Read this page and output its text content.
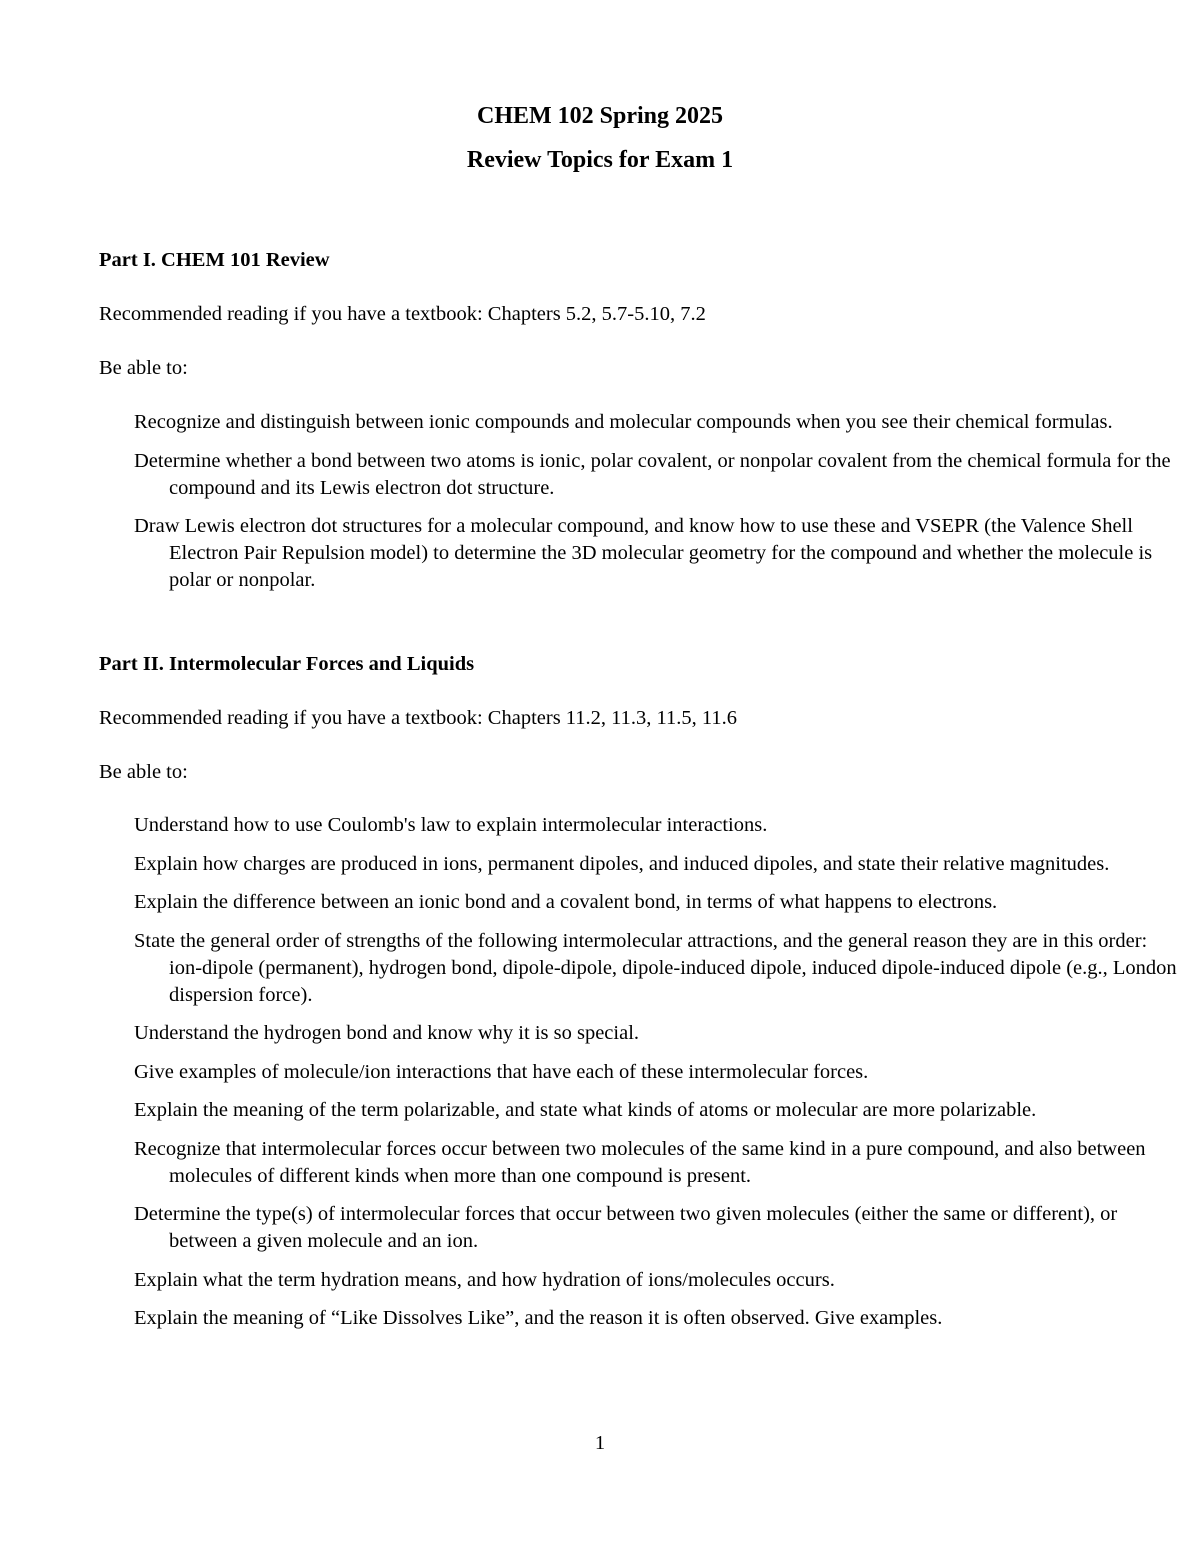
CHEM 102 Spring 2025
Review Topics for Exam 1
Part I. CHEM 101 Review
Recommended reading if you have a textbook: Chapters 5.2, 5.7-5.10, 7.2
Be able to:
Recognize and distinguish between ionic compounds and molecular compounds when you see their chemical formulas.
Determine whether a bond between two atoms is ionic, polar covalent, or nonpolar covalent from the chemical formula for the compound and its Lewis electron dot structure.
Draw Lewis electron dot structures for a molecular compound, and know how to use these and VSEPR (the Valence Shell Electron Pair Repulsion model) to determine the 3D molecular geometry for the compound and whether the molecule is polar or nonpolar.
Part II. Intermolecular Forces and Liquids
Recommended reading if you have a textbook: Chapters 11.2, 11.3, 11.5, 11.6
Be able to:
Understand how to use Coulomb's law to explain intermolecular interactions.
Explain how charges are produced in ions, permanent dipoles, and induced dipoles, and state their relative magnitudes.
Explain the difference between an ionic bond and a covalent bond, in terms of what happens to electrons.
State the general order of strengths of the following intermolecular attractions, and the general reason they are in this order: ion-dipole (permanent), hydrogen bond, dipole-dipole, dipole-induced dipole, induced dipole-induced dipole (e.g., London dispersion force).
Understand the hydrogen bond and know why it is so special.
Give examples of molecule/ion interactions that have each of these intermolecular forces.
Explain the meaning of the term polarizable, and state what kinds of atoms or molecular are more polarizable.
Recognize that intermolecular forces occur between two molecules of the same kind in a pure compound, and also between molecules of different kinds when more than one compound is present.
Determine the type(s) of intermolecular forces that occur between two given molecules (either the same or different), or between a given molecule and an ion.
Explain what the term hydration means, and how hydration of ions/molecules occurs.
Explain the meaning of “Like Dissolves Like”, and the reason it is often observed. Give examples.
1
